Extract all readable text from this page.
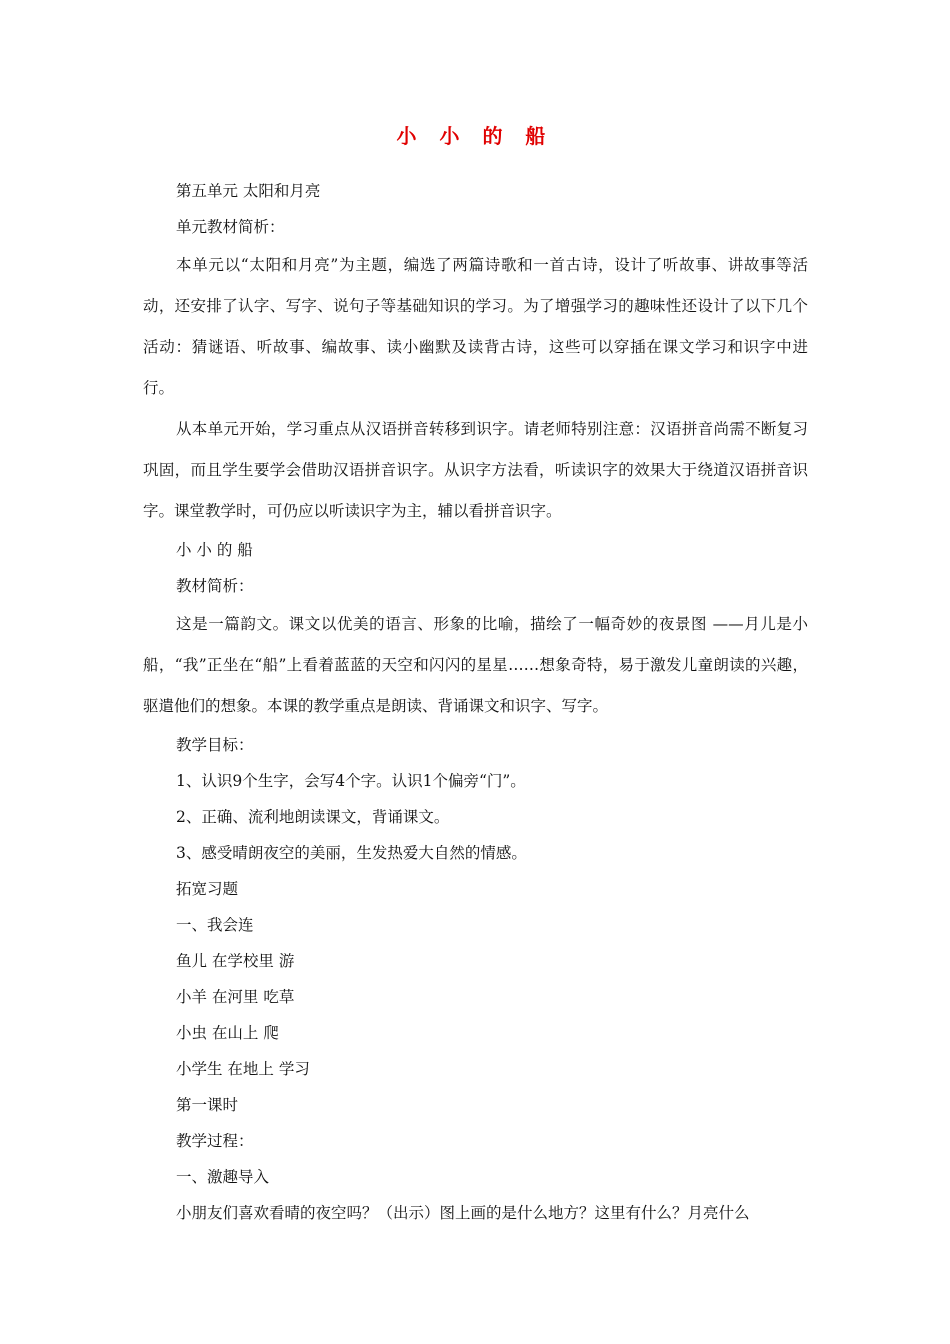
小 小 的 船

第五单元 太阳和月亮

单元教材简析：

本单元以“太阳和月亮”为主题，编选了两篇诗歌和一首古诗，设计了听故事、讲故事等活动，还安排了认字、写字、说句子等基础知识的学习。为了增强学习的趣味性还设计了以下几个活动：猜谜语、听故事、编故事、读小幽默及读背古诗，这些可以穿插在课文学习和识字中进行。

从本单元开始，学习重点从汉语拼音转移到识字。请老师特别注意：汉语拼音尚需不断复习巩固，而且学生要学会借助汉语拼音识字。从识字方法看，听读识字的效果大于绕道汉语拼音识字。课堂教学时，可仍应以听读识字为主，辅以看拼音识字。

小 小 的 船

教材简析：

这是一篇韵文。课文以优美的语言、形象的比喻，描绘了一幅奇妙的夜景图 ——月儿是小船，“我”正坐在“船”上看着蓝蓝的天空和闪闪的星星……想象奇特，易于激发儿童朗读的兴趣，驱遣他们的想象。本课的教学重点是朗读、背诵课文和识字、写字。

教学目标：

1、认识9个生字，会写4个字。认识1个偏旁“门”。

2、正确、流利地朗读课文，背诵课文。

3、感受晴朗夜空的美丽，生发热爱大自然的情感。

拓宽习题

一、我会连

鱼儿 在学校里 游

小羊 在河里 吃草

小虫 在山上 爬

小学生 在地上 学习

第一课时

教学过程：

一、激趣导入

小朋友们喜欢看晴的夜空吗？（出示）图上画的是什么地方？这里有什么？月亮什么
